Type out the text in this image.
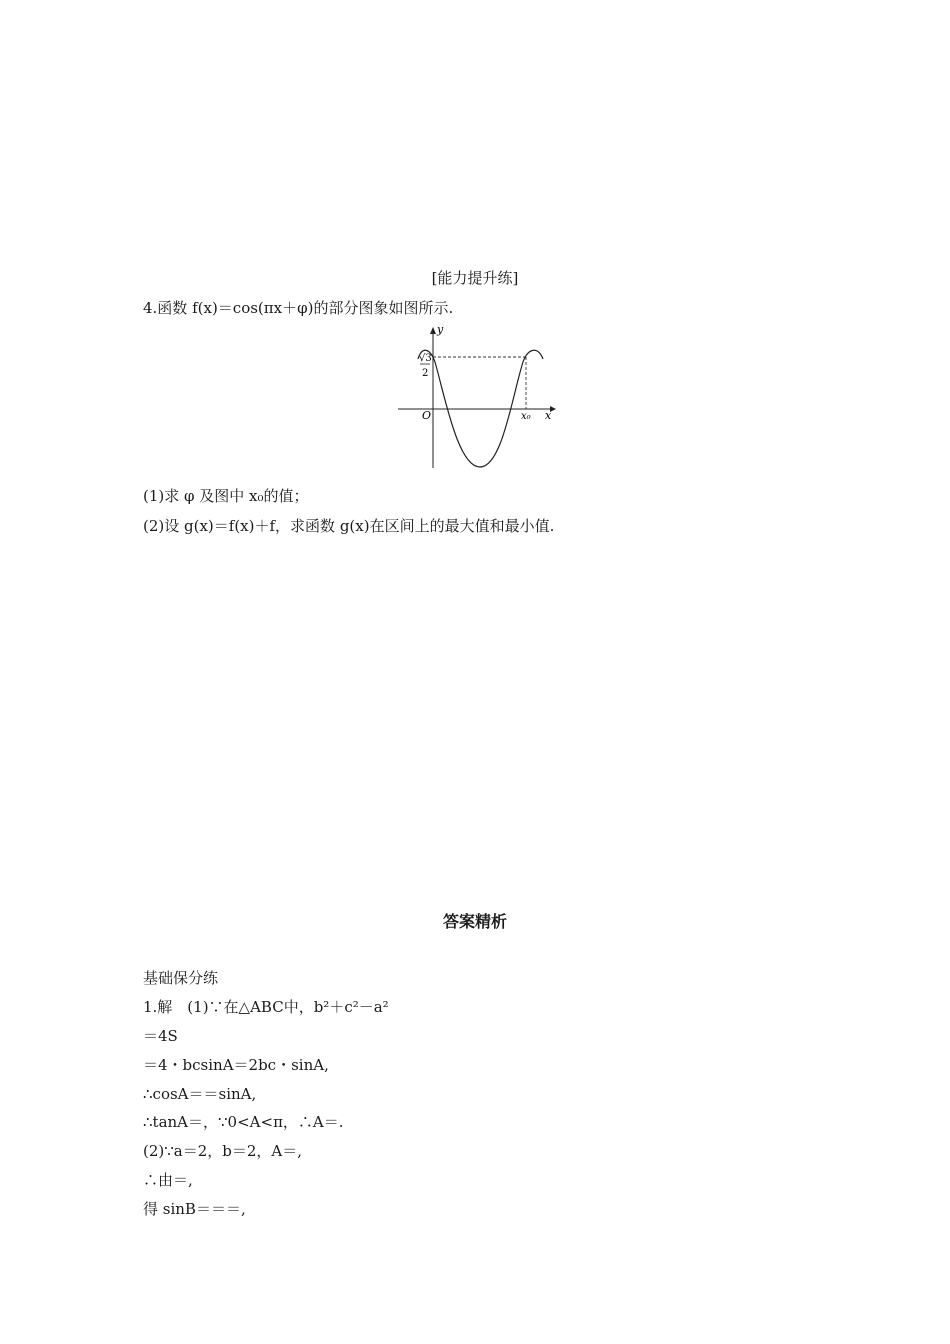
[能力提升练]
4.函数 f(x)＝cos(πx＋φ)的部分图象如图所示.
y
x
O	x₀
√3
2
(1)求 φ 及图中 x₀的值；
(2)设 g(x)＝f(x)＋f，求函数 g(x)在区间上的最大值和最小值.
答案精析
基础保分练
1.解　(1)∵在△ABC中，b²＋c²－a²
＝4S
＝4・bcsinA＝2bc・sinA,
∴cosA＝＝sinA,
∴tanA＝，∵0<A<π，∴A＝.
(2)∵a＝2，b＝2，A＝,
∴由＝,
得 sinB＝＝＝,
